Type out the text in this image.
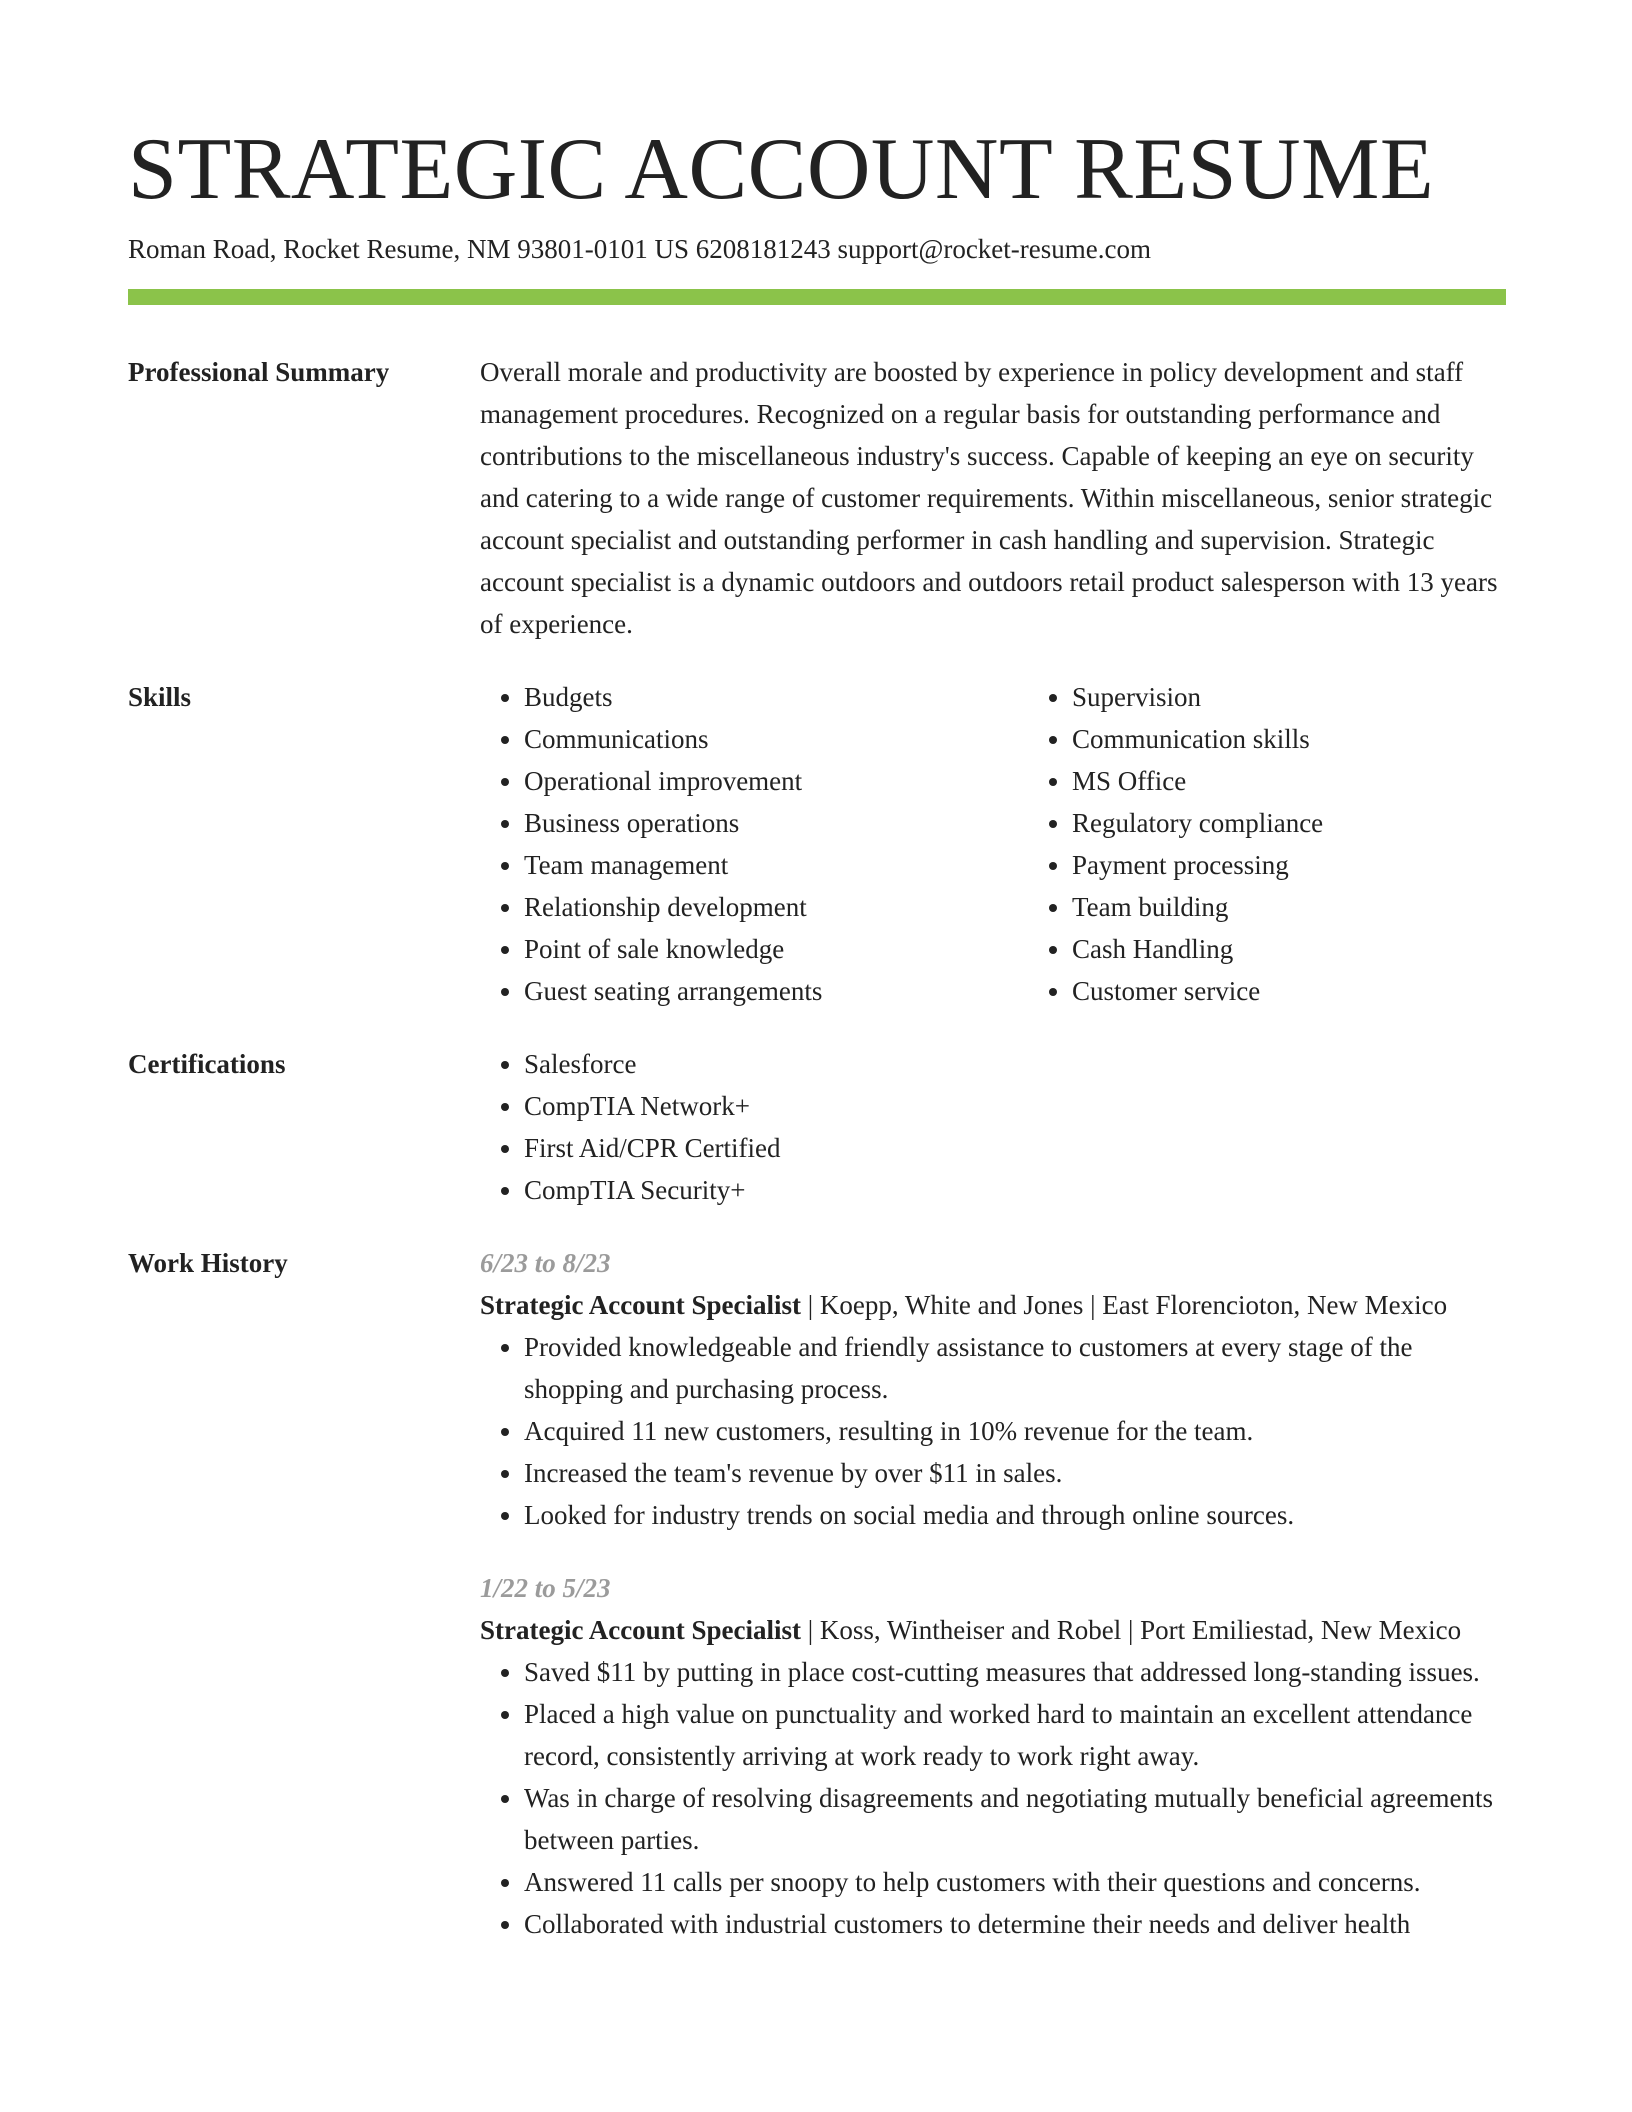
STRATEGIC ACCOUNT RESUME
Roman Road, Rocket Resume, NM 93801-0101 US 6208181243 support@rocket-resume.com
Professional Summary	Overall morale and productivity are boosted by experience in policy development and staff management procedures. Recognized on a regular basis for outstanding performance and contributions to the miscellaneous industry's success. Capable of keeping an eye on security and catering to a wide range of customer requirements. Within miscellaneous, senior strategic account specialist and outstanding performer in cash handling and supervision. Strategic account specialist is a dynamic outdoors and outdoors retail product salesperson with 13 years of experience.

Skills	• Budgets
• Communications
• Operational improvement
• Business operations
• Team management
• Relationship development
• Point of sale knowledge
• Guest seating arrangements
• Supervision
• Communication skills
• MS Office
• Regulatory compliance
• Payment processing
• Team building
• Cash Handling
• Customer service
Certifications	• Salesforce
• CompTIA Network+
• First Aid/CPR Certified
• CompTIA Security+
Work History	6/23 to 8/23
Strategic Account Specialist | Koepp, White and Jones | East Florencioton, New Mexico
• Provided knowledgeable and friendly assistance to customers at every stage of the shopping and purchasing process.
• Acquired 11 new customers, resulting in 10% revenue for the team.
• Increased the team's revenue by over $11 in sales.
• Looked for industry trends on social media and through online sources.
1/22 to 5/23
Strategic Account Specialist | Koss, Wintheiser and Robel | Port Emiliestad, New Mexico
• Saved $11 by putting in place cost-cutting measures that addressed long-standing issues.
• Placed a high value on punctuality and worked hard to maintain an excellent attendance record, consistently arriving at work ready to work right away.
• Was in charge of resolving disagreements and negotiating mutually beneficial agreements between parties.
• Answered 11 calls per snoopy to help customers with their questions and concerns.
• Collaborated with industrial customers to determine their needs and deliver health
